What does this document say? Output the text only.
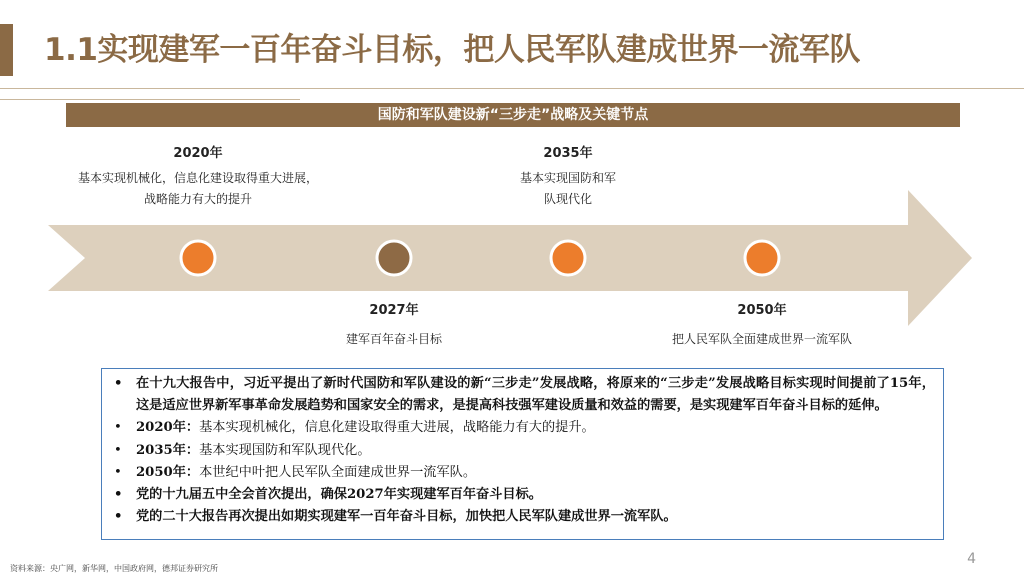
1.1实现建军一百年奋斗目标，把人民军队建成世界一流军队
国防和军队建设新“三步走”战略及关键节点
2020年
基本实现机械化，信息化建设取得重大进展，
战略能力有大的提升
2035年
基本实现国防和军
队现代化
2027年
建军百年奋斗目标
2050年
把人民军队全面建成世界一流军队
• 在十九大报告中，习近平提出了新时代国防和军队建设的新“三步走”发展战略，将原来的“三步走”发展战略目标实现时间提前了15年，这是适应世界新军事革命发展趋势和国家安全的需求，是提高科技强军建设质量和效益的需要，是实现建军百年奋斗目标的延伸。
• 2020年：基本实现机械化，信息化建设取得重大进展，战略能力有大的提升。
• 2035年：基本实现国防和军队现代化。
• 2050年：本世纪中叶把人民军队全面建成世界一流军队。
• 党的十九届五中全会首次提出，确保2027年实现建军百年奋斗目标。
• 党的二十大报告再次提出如期实现建军一百年奋斗目标，加快把人民军队建成世界一流军队。
资料来源：央广网，新华网，中国政府网，德邦证券研究所
4
